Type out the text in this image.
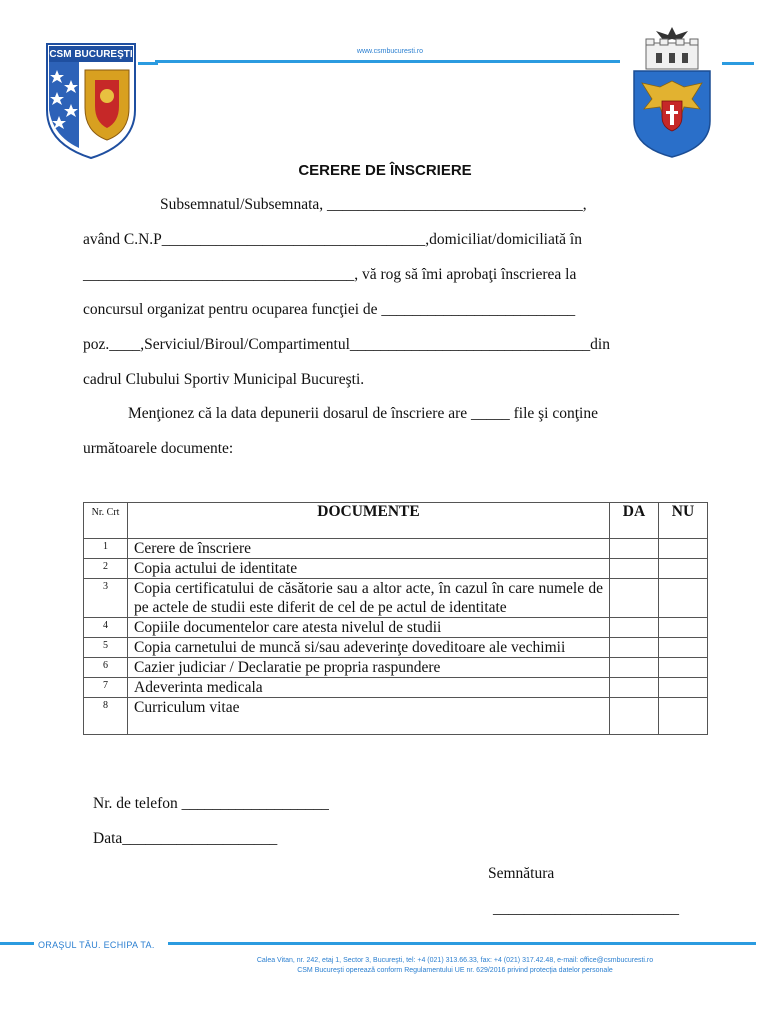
www.csmbucuresti.ro
CSM BUCUREŞTI
CERERE DE ÎNSCRIERE
Subsemnatul/Subsemnata, _________________________________,
având C.N.P__________________________________,domiciliat/domiciliată în
___________________________________, vă rog să îmi aprobaţi înscrierea la
concursul organizat pentru ocuparea funcţiei de _________________________
poz.____,Serviciul/Biroul/Compartimentul_______________________________din
cadrul Clubului Sportiv Municipal Bucureşti.
Menţionez că la data depunerii dosarul de înscriere are _____ file şi conţine
următoarele documente:
Nr. Crt	DOCUMENTE	DA	NU
1	Cerere de înscriere		
2	Copia actului de identitate		
3	Copia certificatului de căsătorie sau a altor acte, în cazul în care numele de pe actele de studii este diferit de cel de pe actul de identitate		
4	Copiile documentelor care atesta nivelul de studii		
5	Copia carnetului de muncă si/sau adeverinţe doveditoare ale vechimii		
6	Cazier judiciar / Declaratie pe propria raspundere		
7	Adeverinta medicala		
8	Curriculum vitae		
Nr. de telefon ___________________
Data____________________
Semnătura
________________________
ORAŞUL TĂU. ECHIPA TA.
Calea Vitan, nr. 242, etaj 1, Sector 3, Bucureşti, tel: +4 (021) 313.66.33, fax: +4 (021) 317.42.48, e-mail: office@csmbucuresti.ro
CSM Bucureşti operează conform Regulamentului UE nr. 629/2016 privind protecţia datelor personale
